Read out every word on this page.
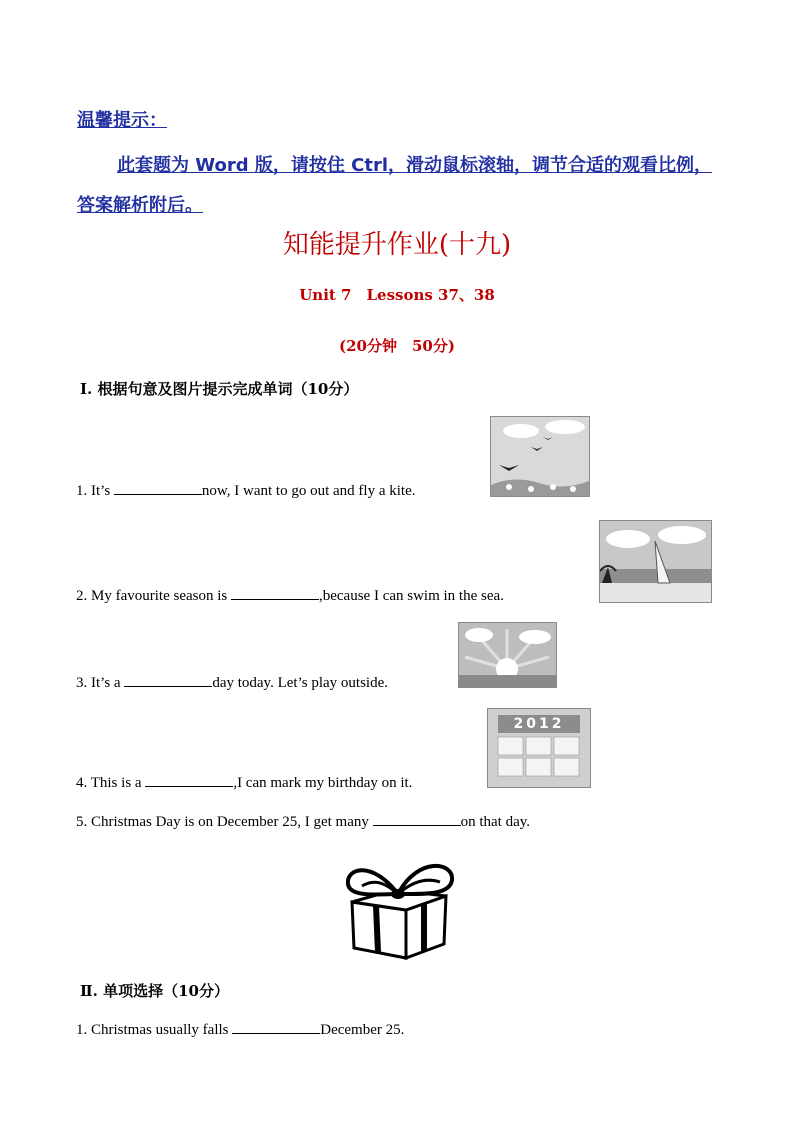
温馨提示：
此套题为 Word 版，请按住 Ctrl，滑动鼠标滚轴，调节合适的观看比例，答案解析附后。
知能提升作业(十九)
Unit 7　Lessons 37、38
(20分钟　50分)
Ⅰ. 根据句意及图片提示完成单词（10分）
1. It’s	now, I want to go out and fly a kite.
2. My favourite season is	,because I can swim in the sea.
3. It’s a	day today. Let’s play outside.
4. This is a	,I can mark my birthday on it.
2012
5. Christmas Day is on December 25, I get many	on that day.
Ⅱ. 单项选择（10分）
1. Christmas usually falls	December 25.
